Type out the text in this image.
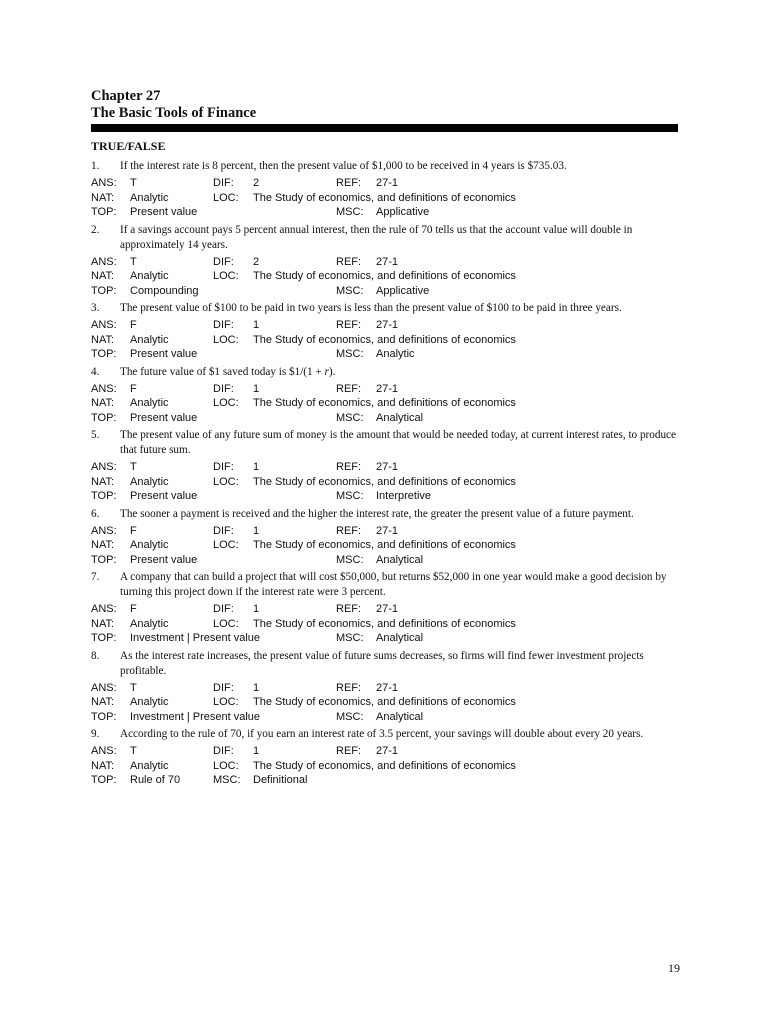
Chapter 27
The Basic Tools of Finance
TRUE/FALSE
1. If the interest rate is 8 percent, then the present value of $1,000 to be received in 4 years is $735.03.
ANS: T	DIF: 2	REF: 27-1
NAT: Analytic	LOC: The Study of economics, and definitions of economics
TOP: Present value	MSC: Applicative
2. If a savings account pays 5 percent annual interest, then the rule of 70 tells us that the account value will double in approximately 14 years.
ANS: T	DIF: 2	REF: 27-1
NAT: Analytic	LOC: The Study of economics, and definitions of economics
TOP: Compounding	MSC: Applicative
3. The present value of $100 to be paid in two years is less than the present value of $100 to be paid in three years.
ANS: F	DIF: 1	REF: 27-1
NAT: Analytic	LOC: The Study of economics, and definitions of economics
TOP: Present value	MSC: Analytic
4. The future value of $1 saved today is $1/(1 + r).
ANS: F	DIF: 1	REF: 27-1
NAT: Analytic	LOC: The Study of economics, and definitions of economics
TOP: Present value	MSC: Analytical
5. The present value of any future sum of money is the amount that would be needed today, at current interest rates, to produce that future sum.
ANS: T	DIF: 1	REF: 27-1
NAT: Analytic	LOC: The Study of economics, and definitions of economics
TOP: Present value	MSC: Interpretive
6. The sooner a payment is received and the higher the interest rate, the greater the present value of a future payment.
ANS: F	DIF: 1	REF: 27-1
NAT: Analytic	LOC: The Study of economics, and definitions of economics
TOP: Present value	MSC: Analytical
7. A company that can build a project that will cost $50,000, but returns $52,000 in one year would make a good decision by turning this project down if the interest rate were 3 percent.
ANS: F	DIF: 1	REF: 27-1
NAT: Analytic	LOC: The Study of economics, and definitions of economics
TOP: Investment | Present value	MSC: Analytical
8. As the interest rate increases, the present value of future sums decreases, so firms will find fewer investment projects profitable.
ANS: T	DIF: 1	REF: 27-1
NAT: Analytic	LOC: The Study of economics, and definitions of economics
TOP: Investment | Present value	MSC: Analytical
9. According to the rule of 70, if you earn an interest rate of 3.5 percent, your savings will double about every 20 years.
ANS: T	DIF: 1	REF: 27-1
NAT: Analytic	LOC: The Study of economics, and definitions of economics
TOP: Rule of 70	MSC: Definitional
19
